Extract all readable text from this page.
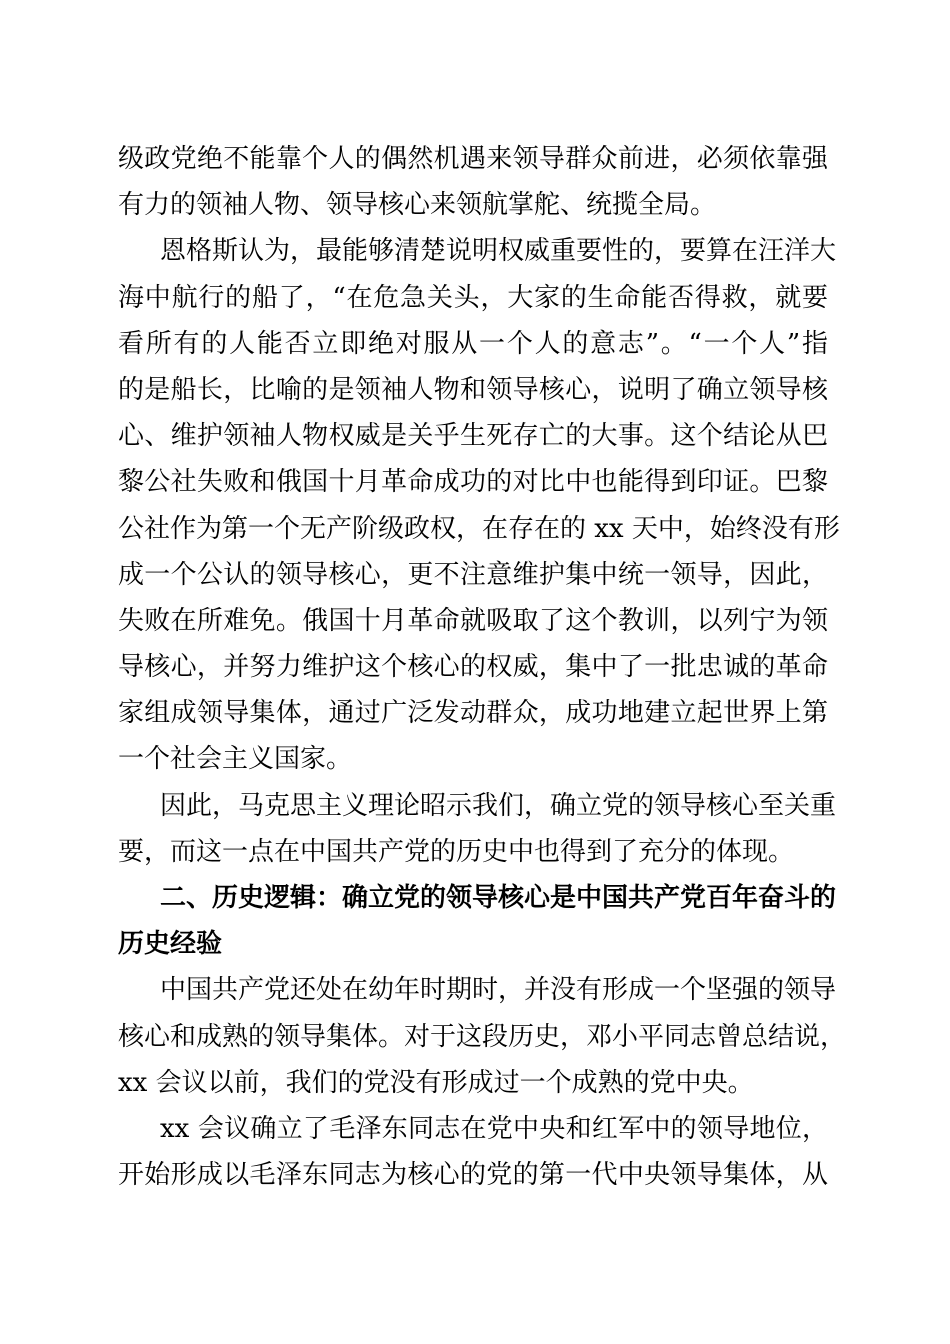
级政党绝不能靠个人的偶然机遇来领导群众前进，必须依靠强
有力的领袖人物、领导核心来领航掌舵、统揽全局。
恩格斯认为，最能够清楚说明权威重要性的，要算在汪洋大
海中航行的船了，“在危急关头，大家的生命能否得救，就要
看所有的人能否立即绝对服从一个人的意志”。“一个人”指
的是船长，比喻的是领袖人物和领导核心，说明了确立领导核
心、维护领袖人物权威是关乎生死存亡的大事。这个结论从巴
黎公社失败和俄国十月革命成功的对比中也能得到印证。巴黎
公社作为第一个无产阶级政权，在存在的 xx 天中，始终没有形
成一个公认的领导核心，更不注意维护集中统一领导，因此，
失败在所难免。俄国十月革命就吸取了这个教训，以列宁为领
导核心，并努力维护这个核心的权威，集中了一批忠诚的革命
家组成领导集体，通过广泛发动群众，成功地建立起世界上第
一个社会主义国家。
因此，马克思主义理论昭示我们，确立党的领导核心至关重
要，而这一点在中国共产党的历史中也得到了充分的体现。
二、历史逻辑：确立党的领导核心是中国共产党百年奋斗的
历史经验
中国共产党还处在幼年时期时，并没有形成一个坚强的领导
核心和成熟的领导集体。对于这段历史，邓小平同志曾总结说，
xx 会议以前，我们的党没有形成过一个成熟的党中央。
xx 会议确立了毛泽东同志在党中央和红军中的领导地位，
开始形成以毛泽东同志为核心的党的第一代中央领导集体，从
